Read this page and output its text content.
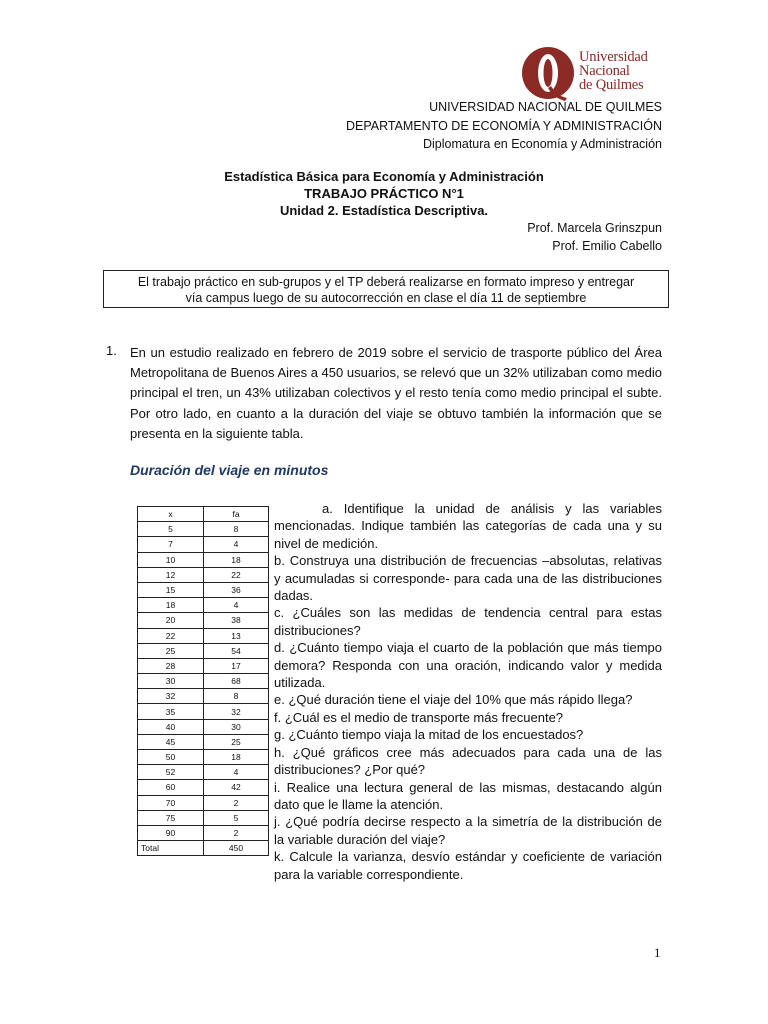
Universidad
Nacional
de Quilmes
UNIVERSIDAD NACIONAL DE QUILMES
DEPARTAMENTO DE ECONOMÍA Y ADMINISTRACIÓN
Diplomatura en Economía y Administración
Estadística Básica para Economía y Administración
TRABAJO PRÁCTICO N°1
Unidad 2. Estadística Descriptiva.
Prof. Marcela Grinszpun
Prof. Emilio Cabello
El trabajo práctico en sub-grupos y el TP deberá realizarse en formato impreso y entregar
vía campus luego de su autocorrección en clase el día 11 de septiembre
1. En un estudio realizado en febrero de 2019 sobre el servicio de trasporte público del Área Metropolitana de Buenos Aires a 450 usuarios, se relevó que un 32% utilizaban como medio principal el tren, un 43% utilizaban colectivos y el resto tenía como medio principal el subte. Por otro lado, en cuanto a la duración del viaje se obtuvo también la información que se presenta en la siguiente tabla.
Duración del viaje en minutos
x	fa
5	8
7	4
10	18
12	22
15	36
18	4
20	38
22	13
25	54
28	17
30	68
32	8
35	32
40	30
45	25
50	18
52	4
60	42
70	2
75	5
90	2
Total	450

a. Identifique la unidad de análisis y las variables mencionadas. Indique también las categorías de cada una y su nivel de medición.

b. Construya una distribución de frecuencias –absolutas, relativas y acumuladas si corresponde- para cada una de las distribuciones dadas.

c. ¿Cuáles son las medidas de tendencia central para estas distribuciones?

d. ¿Cuánto tiempo viaja el cuarto de la población que más tiempo demora? Responda con una oración, indicando valor y medida utilizada.

e. ¿Qué duración tiene el viaje del 10% que más rápido llega?

f. ¿Cuál es el medio de transporte más frecuente?

g. ¿Cuánto tiempo viaja la mitad de los encuestados?

h. ¿Qué gráficos cree más adecuados para cada una de las distribuciones? ¿Por qué?

i. Realice una lectura general de las mismas, destacando algún dato que le llame la atención.

j. ¿Qué podría decirse respecto a la simetría de la distribución de la variable duración del viaje?

k. Calcule la varianza, desvío estándar y coeficiente de variación para la variable correspondiente.

1
